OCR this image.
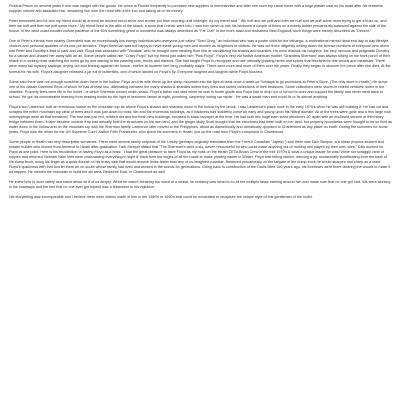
Federal Prison for several years if one was caught with the goods. He drove to Florida frequently to purchase new supplies of merchandise and after one such trip came home with a huge plaster cast on his head after his erstwhile supplier robbed and assaulted him, smashing him over the head with a tire iron and taking all of his money.

Peter recovered and he and my friend would sit around an ancient wood stove and smoke pot from morning until midnight. As my friend said " We huff and we puff and then we huff and we puff some more trying to get a buzz on, and then we huff and then we puff some more." My friend lived in the attic of the shack, a room that I never went into. I saw him climb up into his bedroom a couple of times on a rickety ladder precariously balanced against the side of the house. In the west coast counter culture parlance of the 60's something great or wonderful was always described as "Far Out!" In the more staid and restrained New England, such things were merely described as "Decent."

One of Peter's friends from nearby Greenfield was an exceptionally low energy individual who everyone just called "Tired Greg," an individual who was a poster child for the lethargic, a-motivational mental dead end day to day lifestyle choices and personal qualities of chronic pot smokers. Floyd Sherman was not happy to have these young men and women as neighbors or visitors. He was out there diligently writing down the license numbers of everyone who drove into Peter and Dorothy's field to park and visit; Floyd was obsessed with "Vandals" who he thought were stealing from him or vandalizing his shacks and shanties. He once mistook his neighbor, the very nervous and pragmatic Dorothy for a vandal and chased her away with an ax. Some people called him "Crazy Floyd" but my friend just called him "Pink Floyd". Floyd's very old Native American mother "Grandma Sherman" was always sitting on the front porch of their shack in a rocking chair watching the world go by and waving to the passing cars, trucks and tractors. She had taught Floyd to recognize and use naturally growing herbs and spices that flourished in the woods and meadows. There were many tall mystery saplings, drying out and leaning against her house - twelve to fourteen feet long, probably maple. There were more and more of them over the years. Finally they began to obscure the porch after she died. At the funeral for his wife, Floyd's daughter released a jar full of butterflies, one of which landed on Floyd's fly. Everyone laughed and laughed while Floyd blushed.

Some said there was not enough sunshine down there in the hollow. Floyd and his wife drove up the steep mountain into the light at least once a week on Sundays to go provisions at Peter's Store. (The only store in Heath.) He drove one of his classic Diamond Reos of which he had at least two, alternating between the many shacks & shanties where they lived and stored collections of their treasures. Some collections were stored in retired vehicles; some in the shanties. Property lines were iffy in the holler - or which Sherman owned which shack. Floyd's father had died when he was in fourth grade and Floyd had to drop out of school to work and support the family and never went back to school. He got his considerable learning from reading books by the light of kerosene lamps at night, plumbing, carpentry, wiring car repair - He was a smart man and could fix or fix almost anything.

Floyd's son Lawrence built an enormous house on the mountain top far above Floyd's shacks and shanties down in the hollow by the brook. I saw Lawrence's place once in the early 1970's when he was still building it. He had cut and scraped the entire mountain top clear of trees and it was just down to rocks, dirt and his enormous buildings, as if baldness had suddenly come on early and young upon his hilltop domain. All of the trees were gone and a few large rock outcroppings were all that remained. The rest was just red, reddish dirt and the fresh new buildings, encased in black tarpaper at the time. He had built two huge barn sized structures 20' apart with an enclosed second or third story bridge between them. It later became unclear if he had actually built the structures on his own land, and the ginger Molly Scott thought that the structures had been built on her land, but property boundaries were thought to be so fluid as water down in the hollow and on the mountain top with the Sherman family. Lawrence later moved to the Philippines, about as diametrically and climatically opposed to Charlemont as any place on earth. During the summers for some years, Floyd was the driver for the US Supreme Court Justice Felix Frankfurter, who spent his summers in Heath, just up the road from Floyd's compound in Charlemont.

Some people in Heath had very descriptive surnames. There were several family outposts of the Linkey (perhaps originally translated from the French Canadian "Japeux") and there was Dick Sleeper, a U Mass physics student and master builder who moved from Amherst to Heath after graduation. Dick Sleeper stated that "The Sherman's were a sly, clever, resourceful lot who could make anything out of nothing and played by their own rules." Dick worked for Floyd at one point. Here is his recollection of having Floyd as a boss: "I had the great pleasure to have Floyd as my boss on the Heath CETA Brush Crew in the mid 1970's & what a unique leader he was! While our scraggly crew of hippies and returned Vietnam Nam Vets were chainsawing everything in sight 8' back from the edges of all the roads to make plowing easier in Winter, Floyd was telling stories, dancing a jig, occasionally pontificating from the back of his dump truck, using his finger as a quick flourish of his trusty saw that would remove limbs faster than any of us imagined possible. Balanced precariously on the tailgate of the dump truck he would sharpen and sharp as a razor. Floyd's quickness with that tool let there be no doubt whose family had lived and worked in the woods for generations. Going back to construction of the Davis Mine 150 years ago, his forebears were there clearing the woods to make it all happen. He cleared the mountain to build the ski area, Berkshire East, in Charlemont as well.

He knew how to work safely and cared about all 8 of us deeply. While he wasn't breaking too much of a sweat, he certainly was tuned in to all the multiple tasks swirling around him and made sure that no one got hurt. We were working in the roadways and the fact that no one ever got injured was a testament to his vigilance.

His storytelling was incomparable and I believe there were videos made of him in the 1980's or 1990's that could be excavated to recapture the unique style of this gentleman of the holler.
